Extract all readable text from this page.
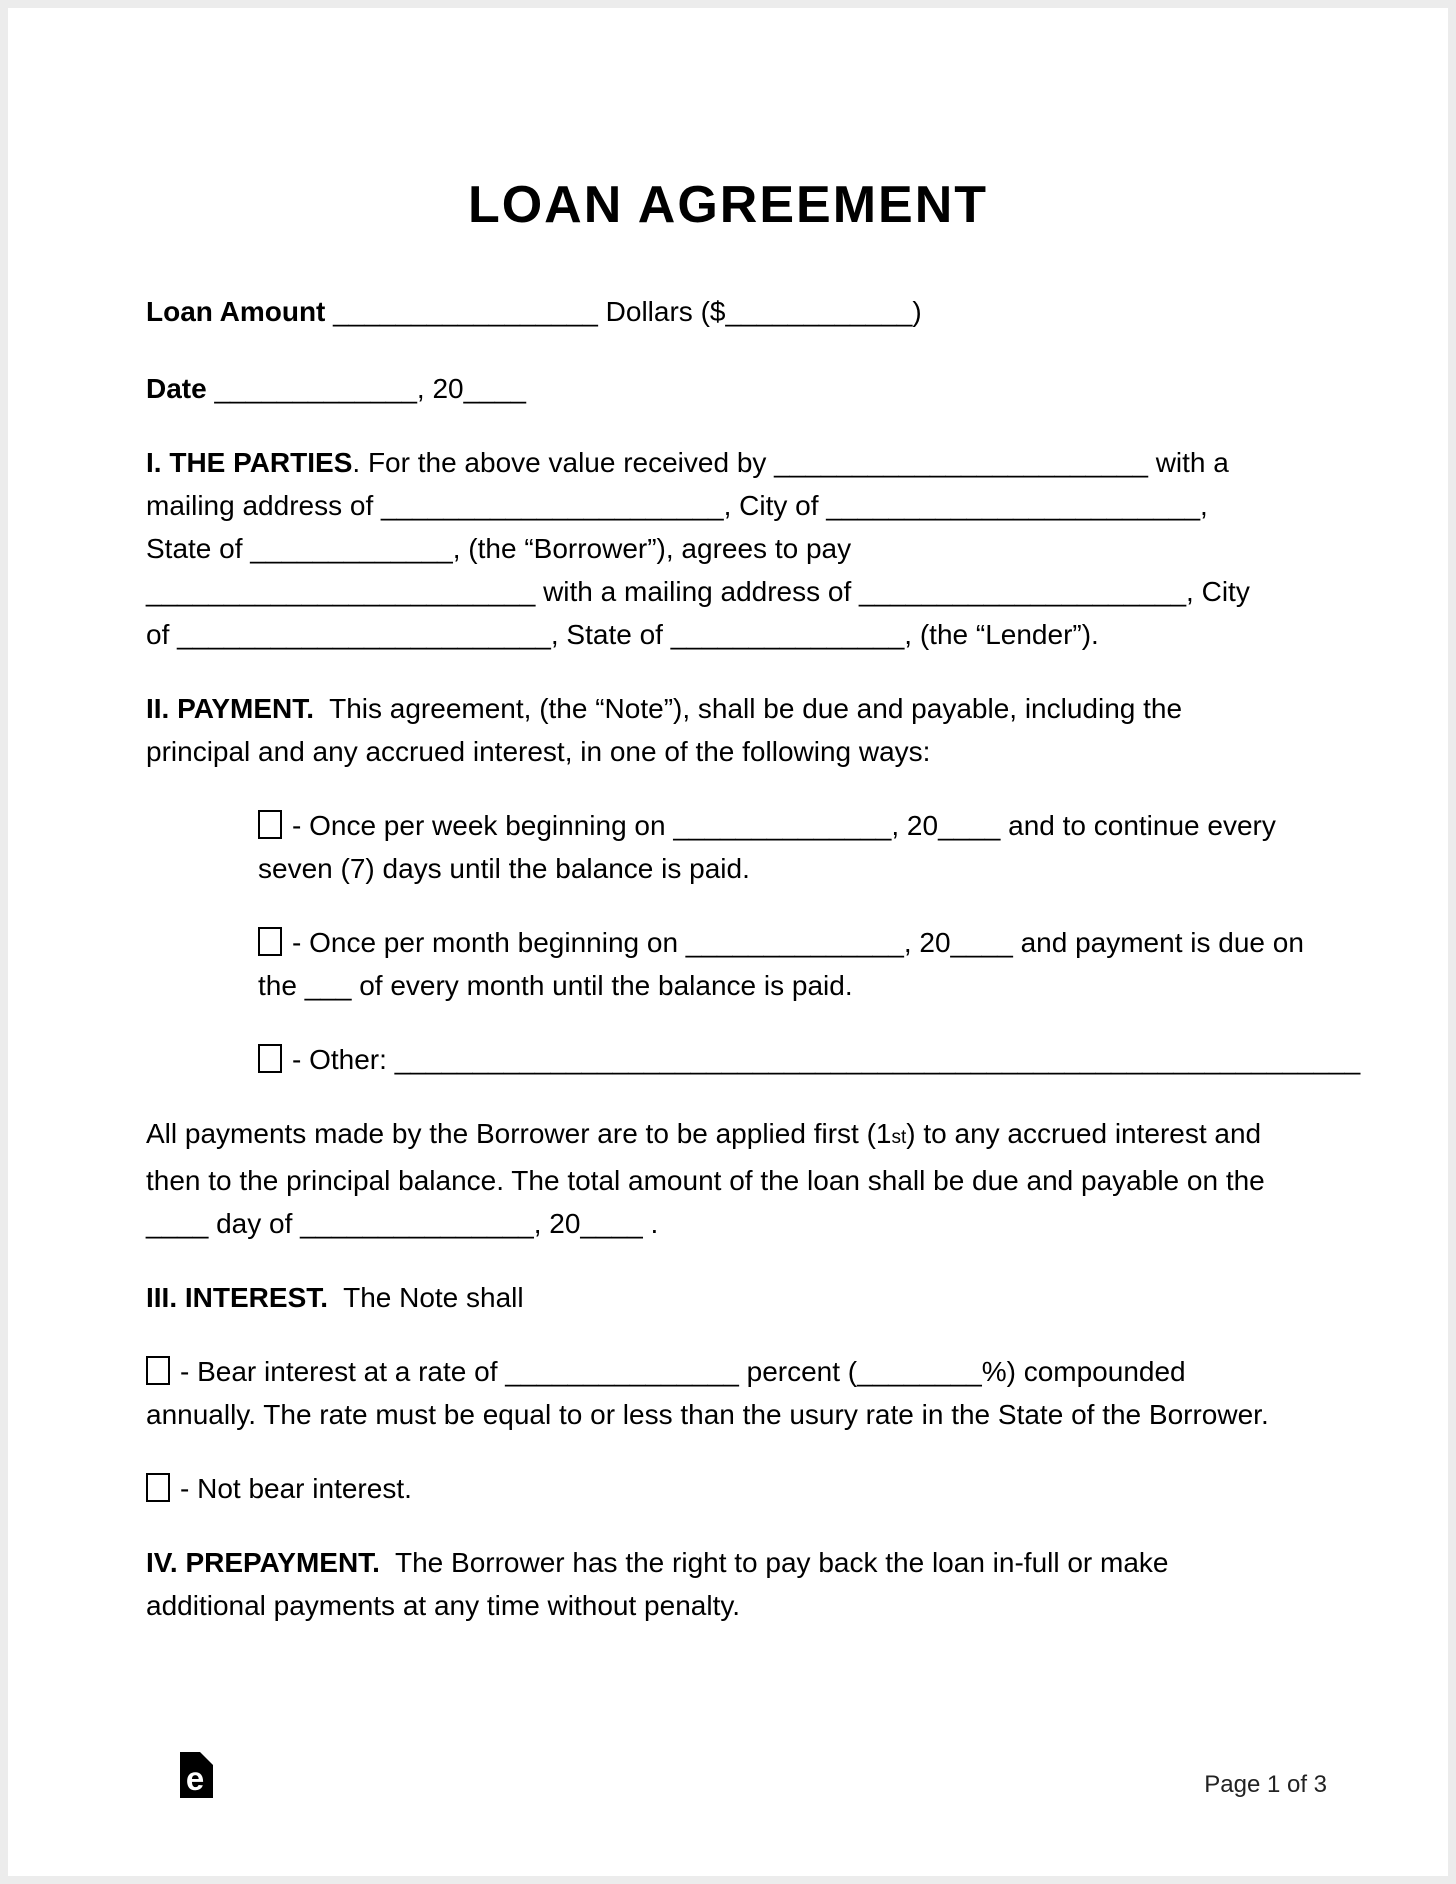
LOAN AGREEMENT
Loan Amount _________________ Dollars ($____________)
Date _____________, 20____
I. THE PARTIES. For the above value received by ________________________ with a
mailing address of ______________________, City of ________________________,
State of _____________, (the “Borrower”), agrees to pay
_________________________ with a mailing address of _____________________, City
of ________________________, State of _______________, (the “Lender”).
II. PAYMENT.  This agreement, (the “Note”), shall be due and payable, including the
principal and any accrued interest, in one of the following ways:
- Once per week beginning on ______________, 20____ and to continue every
seven (7) days until the balance is paid.
- Once per month beginning on ______________, 20____ and payment is due on
the ___ of every month until the balance is paid.
- Other: ______________________________________________________________
All payments made by the Borrower are to be applied first (1st) to any accrued interest and
then to the principal balance. The total amount of the loan shall be due and payable on the
____ day of _______________, 20____ .
III. INTEREST.  The Note shall
- Bear interest at a rate of _______________ percent (________%) compounded
annually. The rate must be equal to or less than the usury rate in the State of the Borrower.
- Not bear interest.
IV. PREPAYMENT.  The Borrower has the right to pay back the loan in-full or make
additional payments at any time without penalty.
e	Page 1 of 3
